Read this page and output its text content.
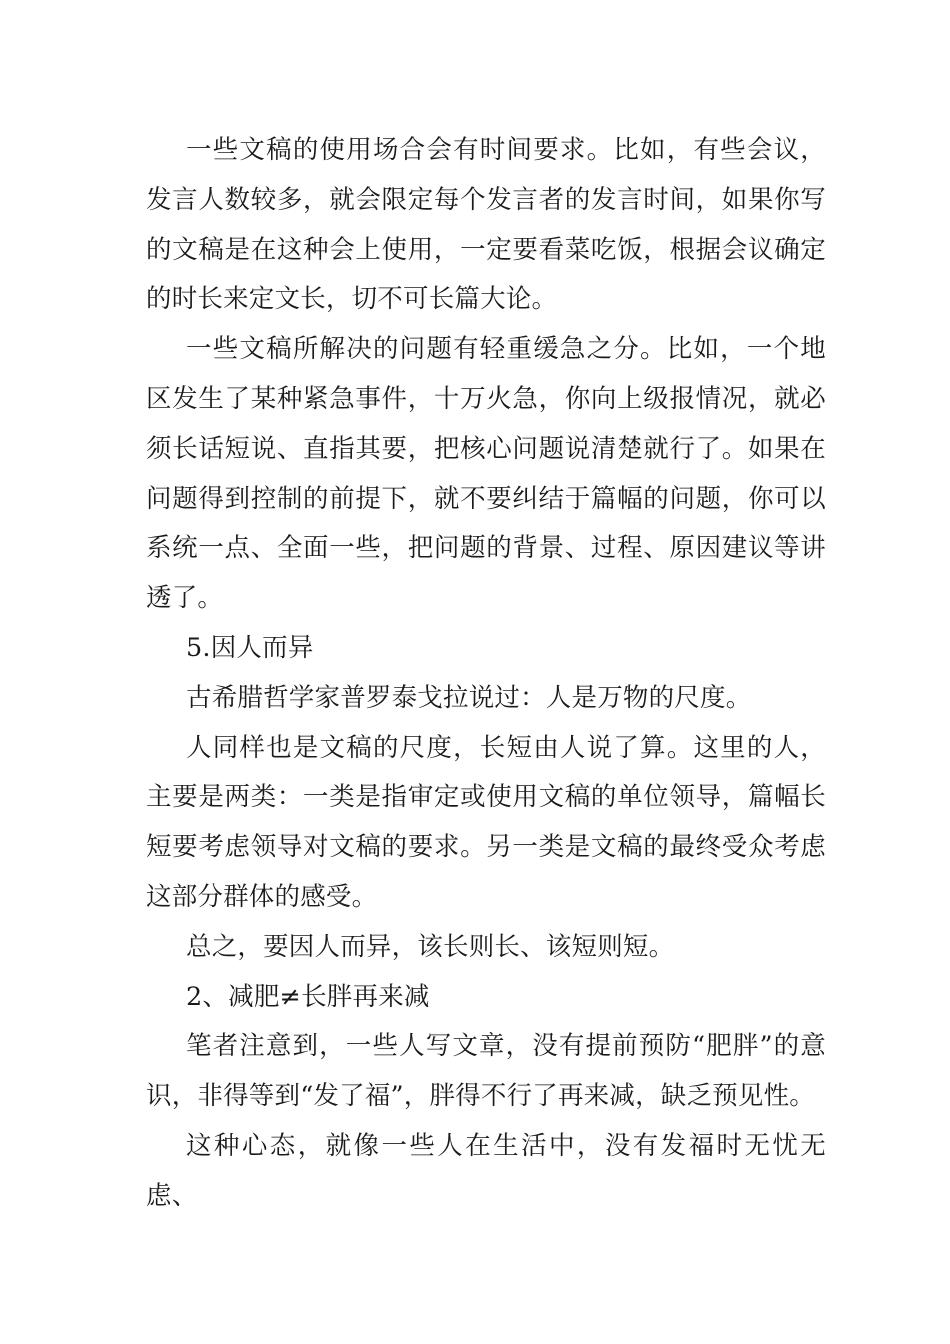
一些文稿的使用场合会有时间要求。比如，有些会议，发言人数较多，就会限定每个发言者的发言时间，如果你写的文稿是在这种会上使用，一定要看菜吃饭，根据会议确定的时长来定文长，切不可长篇大论。

一些文稿所解决的问题有轻重缓急之分。比如，一个地区发生了某种紧急事件，十万火急，你向上级报情况，就必须长话短说、直指其要，把核心问题说清楚就行了。如果在问题得到控制的前提下，就不要纠结于篇幅的问题，你可以系统一点、全面一些，把问题的背景、过程、原因建议等讲透了。

5.因人而异

古希腊哲学家普罗泰戈拉说过：人是万物的尺度。

人同样也是文稿的尺度，长短由人说了算。这里的人，主要是两类：一类是指审定或使用文稿的单位领导，篇幅长短要考虑领导对文稿的要求。另一类是文稿的最终受众考虑这部分群体的感受。

总之，要因人而异，该长则长、该短则短。

2、减肥≠长胖再来减

笔者注意到，一些人写文章，没有提前预防“肥胖”的意识，非得等到“发了福”，胖得不行了再来减，缺乏预见性。

这种心态，就像一些人在生活中，没有发福时无忧无虑、
